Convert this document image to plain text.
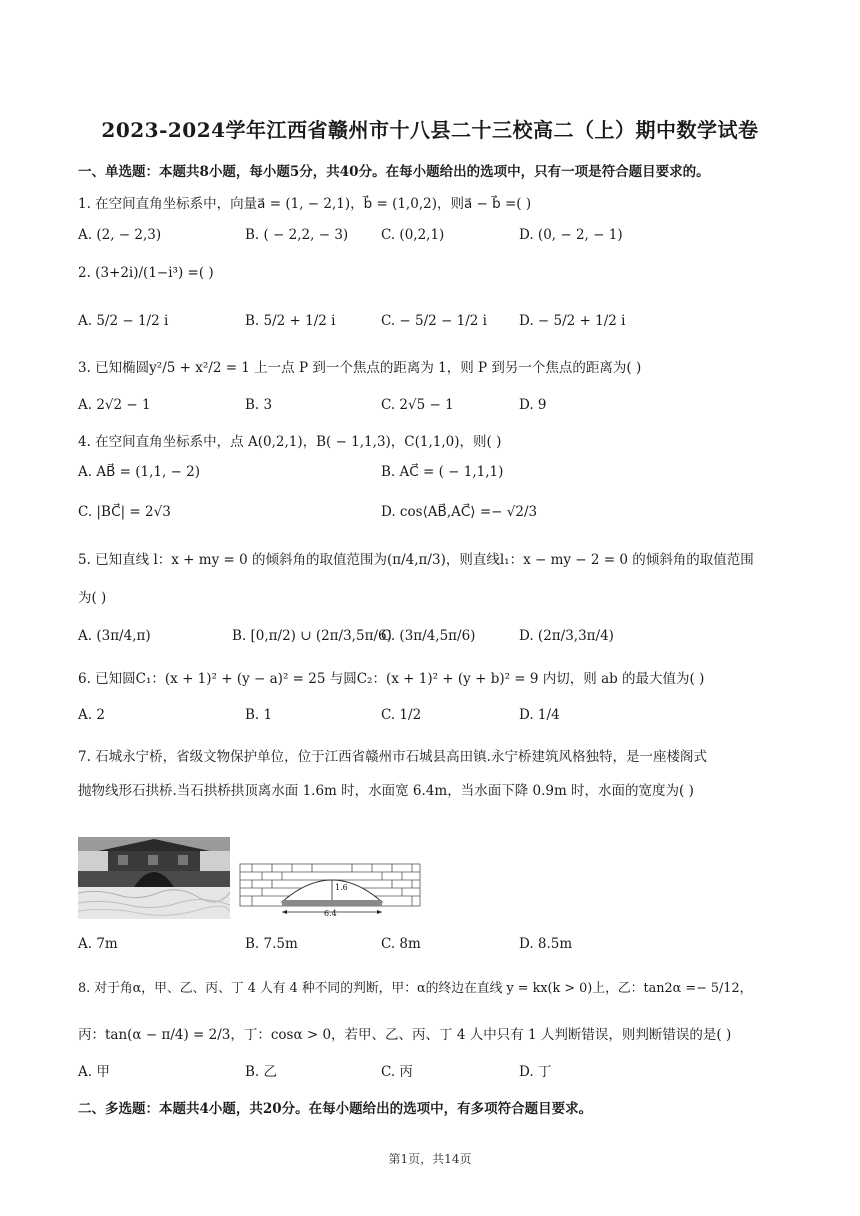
2023-2024学年江西省赣州市十八县二十三校高二（上）期中数学试卷
一、单选题：本题共8小题，每小题5分，共40分。在每小题给出的选项中，只有一项是符合题目要求的。
1. 在空间直角坐标系中，向量a⃗ = (1, − 2,1)，b⃗ = (1,0,2)，则a⃗ − b⃗ =( )
A. (2, − 2,3)	B. ( − 2,2, − 3) C. (0,2,1)	D. (0, − 2, − 1)
2. (3+2i)/(1−i³) =( )
A. 5/2 − 1/2 i	B. 5/2 + 1/2 i	C. − 5/2 − 1/2 i D. − 5/2 + 1/2 i
3. 已知椭圆y²/5 + x²/2 = 1 上一点 P 到一个焦点的距离为 1，则 P 到另一个焦点的距离为( )
A. 2√2 − 1	B. 3	C. 2√5 − 1	D. 9
4. 在空间直角坐标系中，点 A(0,2,1)，B( − 1,1,3)，C(1,1,0)，则( )
A. AB⃗ = (1,1, − 2)	B. AC⃗ = ( − 1,1,1)
C. |BC⃗| = 2√3	D. cos⟨AB⃗,AC⃗⟩ =− √2/3
5. 已知直线 l：x + my = 0 的倾斜角的取值范围为(π/4,π/3)，则直线l₁：x − my − 2 = 0 的倾斜角的取值范围
为( )
A. (3π/4,π)	B. [0,π/2) ∪ (2π/3,5π/6)
C. (3π/4,5π/6)	D. (2π/3,3π/4)
6. 已知圆C₁：(x + 1)² + (y − a)² = 25 与圆C₂：(x + 1)² + (y + b)² = 9 内切，则 ab 的最大值为( )
A. 2	B. 1	C. 1/2	D. 1/4
7. 石城永宁桥，省级文物保护单位，位于江西省赣州市石城县高田镇.永宁桥建筑风格独特，是一座楼阁式
抛物线形石拱桥.当石拱桥拱顶离水面 1.6m 时，水面宽 6.4m，当水面下降 0.9m 时，水面的宽度为( )
1.6
6.4
A. 7m	B. 7.5m	C. 8m	D. 8.5m
8. 对于角α，甲、乙、丙、丁 4 人有 4 种不同的判断，甲：α的终边在直线 y = kx(k > 0)上，乙：tan2α =− 5/12，
丙：tan(α − π/4) = 2/3，丁：cosα > 0，若甲、乙、丙、丁 4 人中只有 1 人判断错误，则判断错误的是( )
A. 甲	B. 乙	C. 丙	D. 丁
二、多选题：本题共4小题，共20分。在每小题给出的选项中，有多项符合题目要求。
第1页，共14页
